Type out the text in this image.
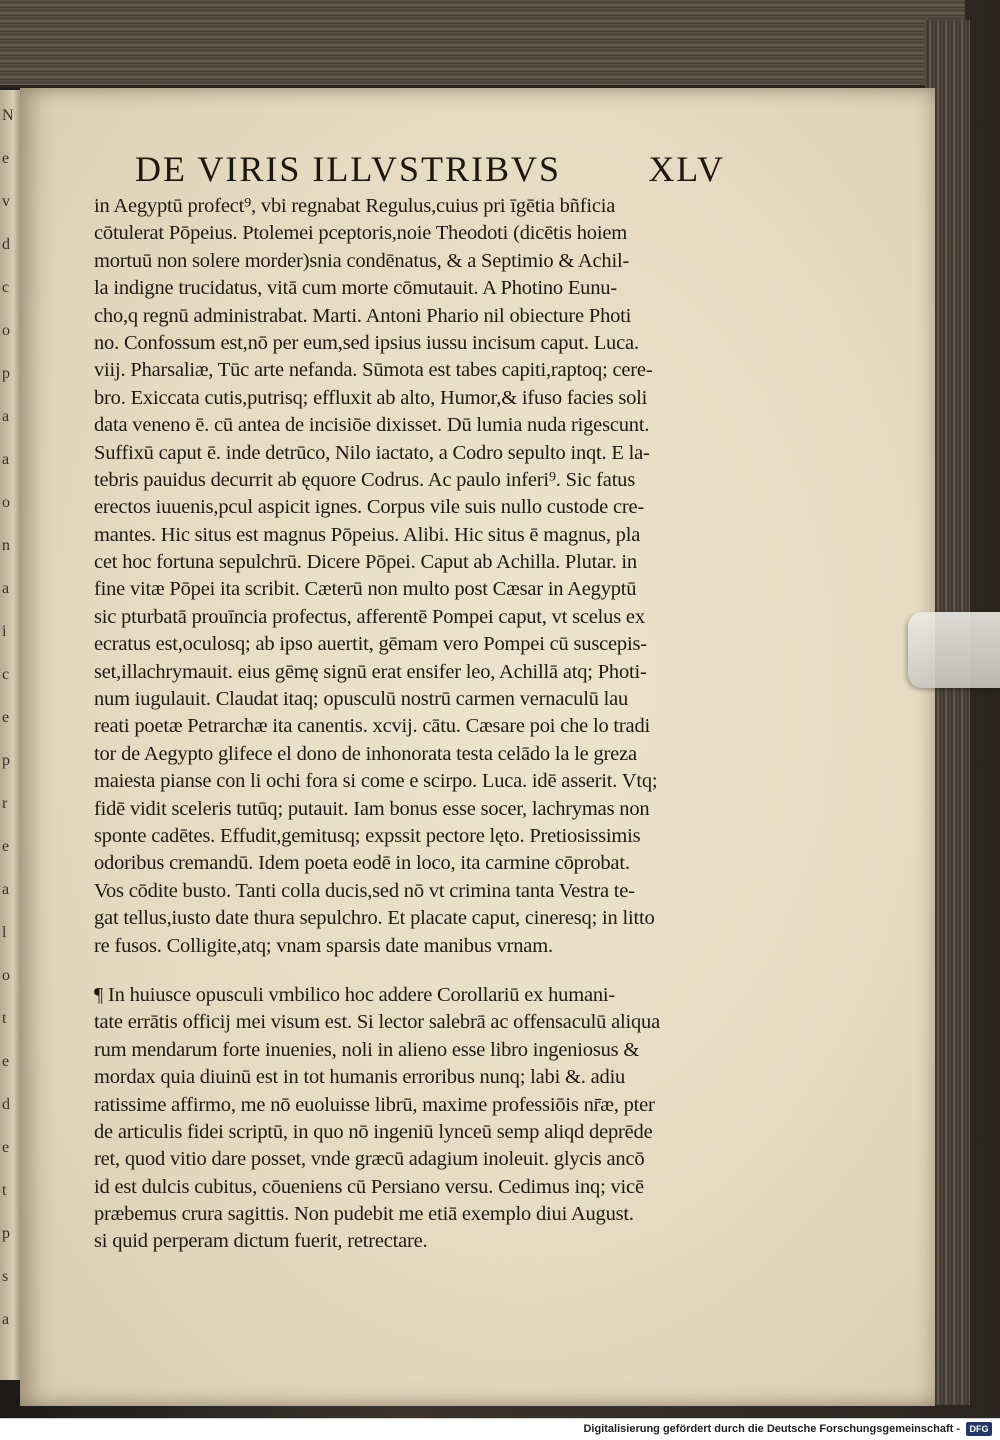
N
e
v
d
c
o
p
a
a
o
n
a
i
c
e
p
r
e
a
l
o
t
e
d
e
t
p
s
a
DE VIRIS ILLVSTRIBVS XLV
in Aegyptū profect⁹, vbi regnabat Regulus,cuius pri īgētia bñficia
cōtulerat Pōpeius. Ptolemei pceptoris,noie Theodoti (dicētis hoiem
mortuū non solere morder)snia condēnatus, & a Septimio & Achil-
la indigne trucidatus, vitā cum morte cōmutauit. A Photino Eunu-
cho,q regnū administrabat. Marti. Antoni Phario nil obiecture Photi
no. Confossum est,nō per eum,sed ipsius iussu incisum caput. Luca.
viij. Pharsaliæ, Tūc arte nefanda. Sūmota est tabes capiti,raptoq; cere-
bro. Exiccata cutis,putrisq; effluxit ab alto, Humor,& ifuso facies soli
data veneno ē. cū antea de incisiōe dixisset. Dū lumia nuda rigescunt.
Suffixū caput ē. inde detrūco, Nilo iactato, a Codro sepulto inqt. E la-
tebris pauidus decurrit ab ęquore Codrus. Ac paulo inferi⁹. Sic fatus
erectos iuuenis,pcul aspicit ignes. Corpus vile suis nullo custode cre-
mantes. Hic situs est magnus Pōpeius. Alibi. Hic situs ē magnus, pla
cet hoc fortuna sepulchrū. Dicere Pōpei. Caput ab Achilla. Plutar. in
fine vitæ Pōpei ita scribit. Cæterū non multo post Cæsar in Aegyptū
sic pturbatā prouīncia profectus, afferentē Pompei caput, vt scelus ex
ecratus est,oculosq; ab ipso auertit, gēmam vero Pompei cū suscepis-
set,illachrymauit. eius gēmę signū erat ensifer leo, Achillā atq; Photi-
num iugulauit. Claudat itaq; opusculū nostrū carmen vernaculū lau
reati poetæ Petrarchæ ita canentis. xcvij. cātu. Cæsare poi che lo tradi
tor de Aegypto glifece el dono de inhonorata testa celādo la le greza
maiesta pianse con li ochi fora si come e scirpo. Luca. idē asserit. Vtq;
fidē vidit sceleris tutūq; putauit. Iam bonus esse socer, lachrymas non
sponte cadētes. Effudit,gemitusq; expssit pectore lęto. Pretiosissimis
odoribus cremandū. Idem poeta eodē in loco, ita carmine cōprobat.
Vos cōdite busto. Tanti colla ducis,sed nō vt crimina tanta Vestra te-
gat tellus,iusto date thura sepulchro. Et placate caput, cineresq; in litto
re fusos. Colligite,atq; vnam sparsis date manibus vrnam.
¶ In huiusce opusculi vmbilico hoc addere Corollariū ex humani-
tate errātis officij mei visum est. Si lector salebrā ac offensaculū aliqua
rum mendarum forte inuenies, noli in alieno esse libro ingeniosus &
mordax quia diuinū est in tot humanis erroribus nunq; labi &. adiu
ratissime affirmo, me nō euoluisse librū, maxime professiōis nr̄æ, pter
de articulis fidei scriptū, in quo nō ingeniū lynceū semp aliqd deprēde
ret, quod vitio dare posset, vnde græcū adagium inoleuit. glycis ancō
id est dulcis cubitus, cōueniens cū Persiano versu. Cedimus inq; vicē
præbemus crura sagittis. Non pudebit me etiā exemplo diui August.
si quid perperam dictum fuerit, retrectare.
Digitalisierung gefördert durch die Deutsche Forschungsgemeinschaft -	DFG
